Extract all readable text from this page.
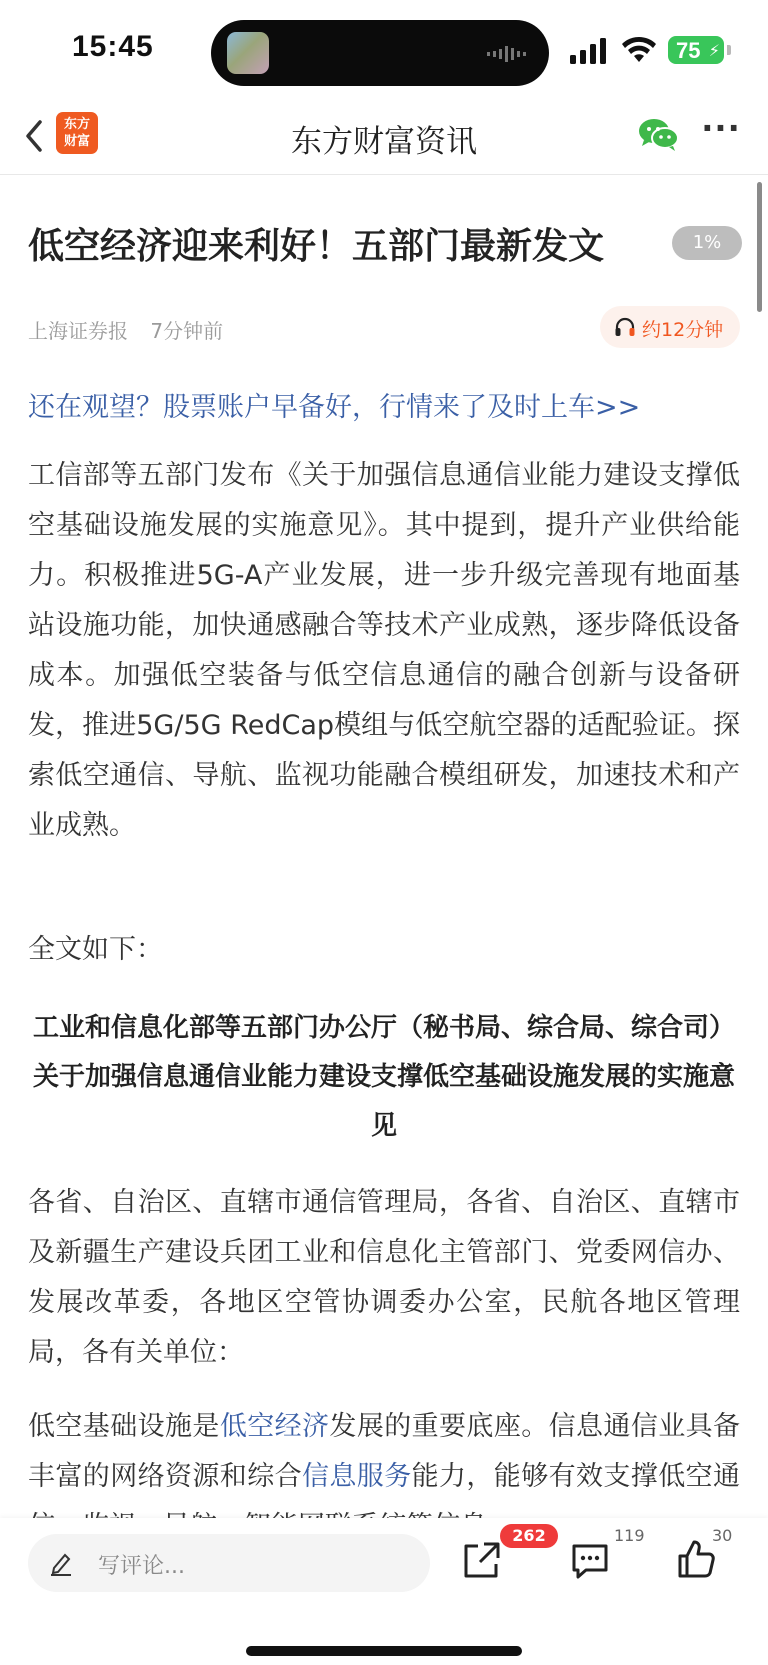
15:45	75 ⚡
东方
财富	东方财富资讯	···
低空经济迎来利好！五部门最新发文	1%
上海证券报 7分钟前	约12分钟
还在观望？股票账户早备好，行情来了及时上车>>

工信部等五部门发布《关于加强信息通信业能力建设支撑低空基础设施发展的实施意见》。其中提到，提升产业供给能力。积极推进5G-A产业发展，进一步升级完善现有地面基站设施功能，加快通感融合等技术产业成熟，逐步降低设备成本。加强低空装备与低空信息通信的融合创新与设备研发，推进5G/5G RedCap模组与低空航空器的适配验证。探索低空通信、导航、监视功能融合模组研发，加速技术和产业成熟。

全文如下：

工业和信息化部等五部门办公厅（秘书局、综合局、综合司）关于加强信息通信业能力建设支撑低空基础设施发展的实施意见

各省、自治区、直辖市通信管理局，各省、自治区、直辖市及新疆生产建设兵团工业和信息化主管部门、党委网信办、发展改革委，各地区空管协调委办公室，民航各地区管理局，各有关单位：

低空基础设施是低空经济发展的重要底座。信息通信业具备丰富的网络资源和综合信息服务能力，能够有效支撑低空通

写评论...
262	119	30
